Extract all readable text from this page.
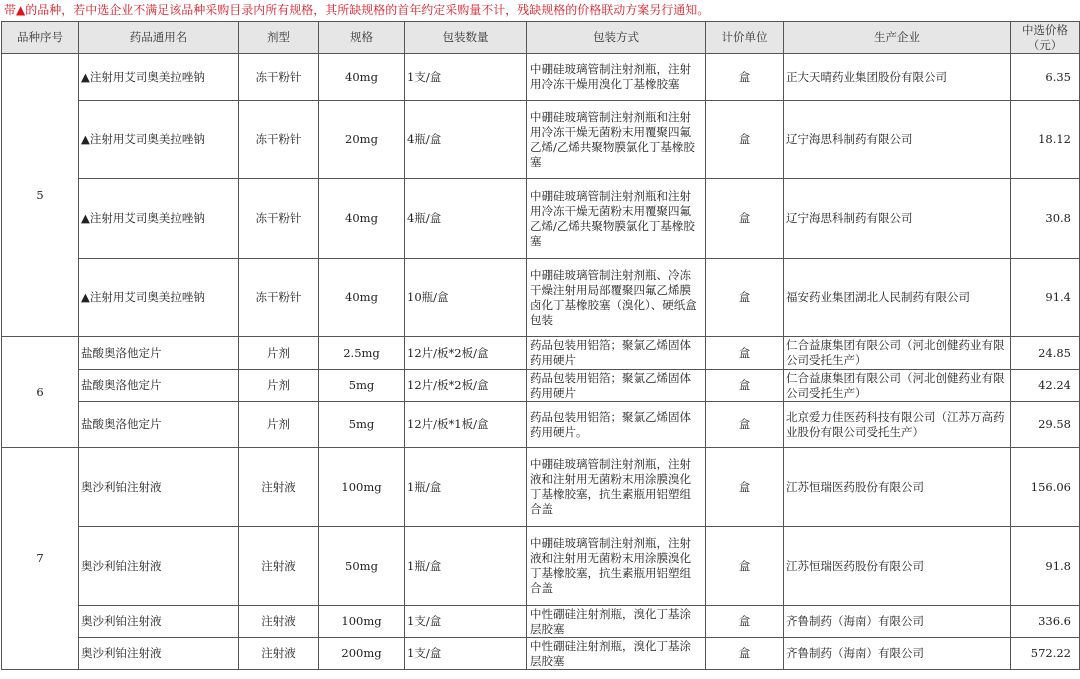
带▲的品种，若中选企业不满足该品种采购目录内所有规格，其所缺规格的首年约定采购量不计，残缺规格的价格联动方案另行通知。
品种序号	药品通用名	剂型	规格	包装数量	包装方式	计价单位	生产企业	中选价格（元）
5	▲注射用艾司奥美拉唑钠	冻干粉针	40mg	1支/盒	中硼硅玻璃管制注射剂瓶，注射用冷冻干燥用溴化丁基橡胶塞	盒	正大天晴药业集团股份有限公司	6.35
	▲注射用艾司奥美拉唑钠	冻干粉针	20mg	4瓶/盒	中硼硅玻璃管制注射剂瓶和注射用冷冻干燥无菌粉末用覆聚四氟乙烯/乙烯共聚物膜氯化丁基橡胶塞	盒	辽宁海思科制药有限公司	18.12
	▲注射用艾司奥美拉唑钠	冻干粉针	40mg	4瓶/盒	中硼硅玻璃管制注射剂瓶和注射用冷冻干燥无菌粉末用覆聚四氟乙烯/乙烯共聚物膜氯化丁基橡胶塞	盒	辽宁海思科制药有限公司	30.8
	▲注射用艾司奥美拉唑钠	冻干粉针	40mg	10瓶/盒	中硼硅玻璃管制注射剂瓶、冷冻干燥注射用局部覆聚四氟乙烯膜卤化丁基橡胶塞（溴化）、硬纸盒包装	盒	福安药业集团湖北人民制药有限公司	91.4
6	盐酸奥洛他定片	片剂	2.5mg	12片/板*2板/盒	药品包装用铝箔；聚氯乙烯固体药用硬片	盒	仁合益康集团有限公司（河北创健药业有限公司受托生产）	24.85
	盐酸奥洛他定片	片剂	5mg	12片/板*2板/盒	药品包装用铝箔；聚氯乙烯固体药用硬片	盒	仁合益康集团有限公司（河北创健药业有限公司受托生产）	42.24
	盐酸奥洛他定片	片剂	5mg	12片/板*1板/盒	药品包装用铝箔；聚氯乙烯固体药用硬片。	盒	北京爱力佳医药科技有限公司（江苏万高药业股份有限公司受托生产）	29.58
7	奥沙利铂注射液	注射液	100mg	1瓶/盒	中硼硅玻璃管制注射剂瓶，注射液和注射用无菌粉末用涂膜溴化丁基橡胶塞，抗生素瓶用铝塑组合盖	盒	江苏恒瑞医药股份有限公司	156.06
	奥沙利铂注射液	注射液	50mg	1瓶/盒	中硼硅玻璃管制注射剂瓶，注射液和注射用无菌粉末用涂膜溴化丁基橡胶塞，抗生素瓶用铝塑组合盖	盒	江苏恒瑞医药股份有限公司	91.8
	奥沙利铂注射液	注射液	100mg	1支/盒	中性硼硅注射剂瓶，溴化丁基涂层胶塞	盒	齐鲁制药（海南）有限公司	336.6
	奥沙利铂注射液	注射液	200mg	1支/盒	中性硼硅注射剂瓶，溴化丁基涂层胶塞	盒	齐鲁制药（海南）有限公司	572.22
